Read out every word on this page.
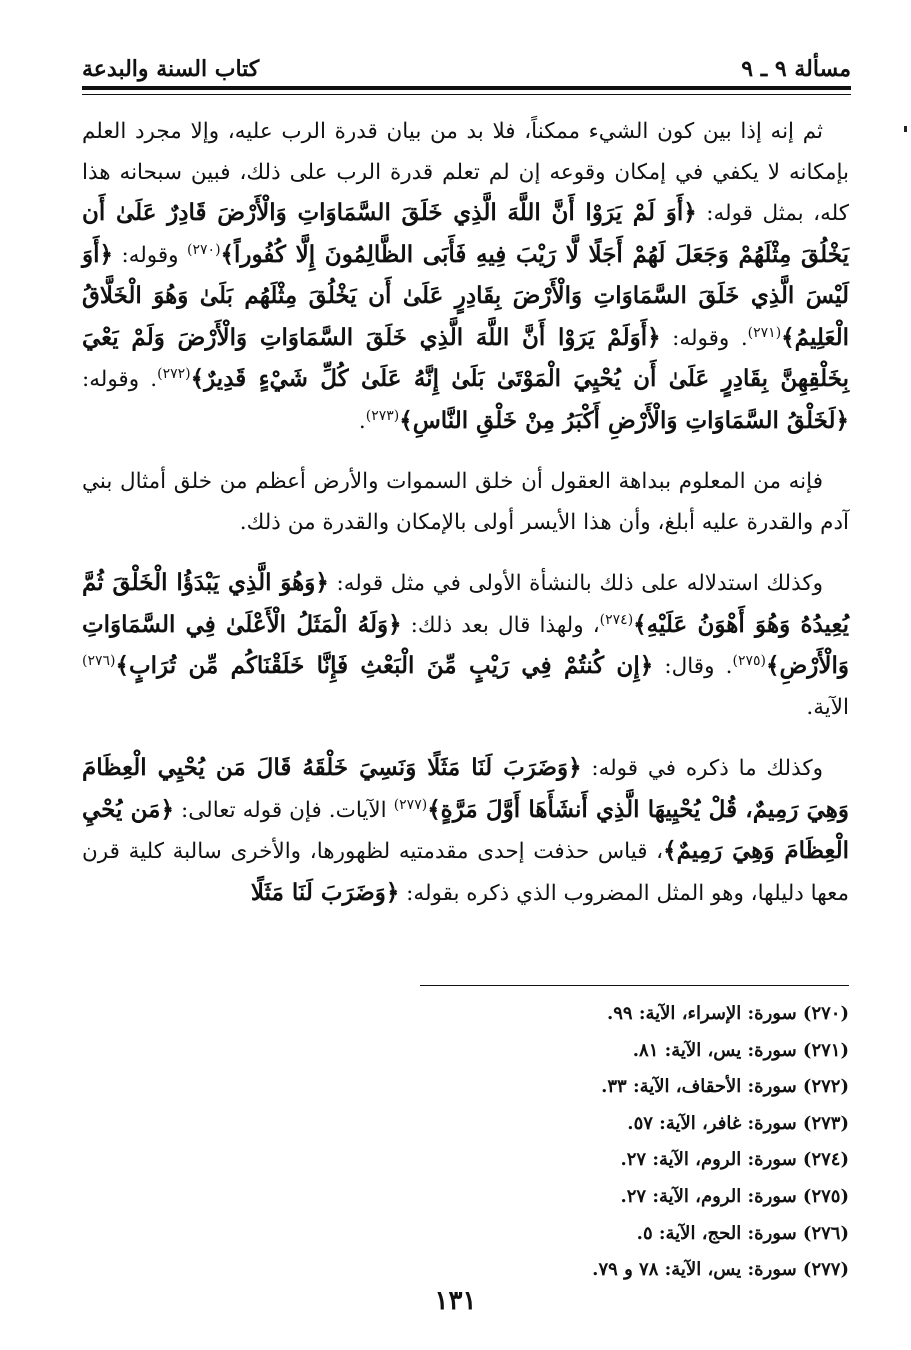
مسألة ٩ ـ ٩
كتاب السنة والبدعة

ثم إنه إذا بين كون الشيء ممكناً، فلا بد من بيان قدرة الرب عليه، وإلا مجرد العلم بإمكانه لا يكفي في إمكان وقوعه إن لم تعلم قدرة الرب على ذلك، فبين سبحانه هذا كله، بمثل قوله: ﴿أَوَ لَمْ يَرَوْا أَنَّ اللَّهَ الَّذِي خَلَقَ السَّمَاوَاتِ وَالْأَرْضَ قَادِرٌ عَلَىٰ أَن يَخْلُقَ مِثْلَهُمْ وَجَعَلَ لَهُمْ أَجَلًا لَّا رَيْبَ فِيهِ فَأَبَى الظَّالِمُونَ إِلَّا كُفُوراً﴾$^{(٢٧٠)}$ وقوله: ﴿أَوَ لَيْسَ الَّذِي خَلَقَ السَّمَاوَاتِ وَالْأَرْضَ بِقَادِرٍ عَلَىٰ أَن يَخْلُقَ مِثْلَهُم بَلَىٰ وَهُوَ الْخَلَّاقُ الْعَلِيمُ﴾$^{(٢٧١)}$. وقوله: ﴿أَوَلَمْ يَرَوْا أَنَّ اللَّهَ الَّذِي خَلَقَ السَّمَاوَاتِ وَالْأَرْضَ وَلَمْ يَعْيَ بِخَلْقِهِنَّ بِقَادِرٍ عَلَىٰ أَن يُحْيِيَ الْمَوْتَىٰ بَلَىٰ إِنَّهُ عَلَىٰ كُلِّ شَيْءٍ قَدِيرٌ﴾$^{(٢٧٢)}$. وقوله: ﴿لَخَلْقُ السَّمَاوَاتِ وَالْأَرْضِ أَكْبَرُ مِنْ خَلْقِ النَّاسِ﴾$^{(٢٧٣)}$.

فإنه من المعلوم ببداهة العقول أن خلق السموات والأرض أعظم من خلق أمثال بني آدم والقدرة عليه أبلغ، وأن هذا الأيسر أولى بالإمكان والقدرة من ذلك.

وكذلك استدلاله على ذلك بالنشأة الأولى في مثل قوله: ﴿وَهُوَ الَّذِي يَبْدَؤُا الْخَلْقَ ثُمَّ يُعِيدُهُ وَهُوَ أَهْوَنُ عَلَيْهِ﴾$^{(٢٧٤)}$، ولهذا قال بعد ذلك: ﴿وَلَهُ الْمَثَلُ الْأَعْلَىٰ فِي السَّمَاوَاتِ وَالْأَرْضِ﴾$^{(٢٧٥)}$. وقال: ﴿إِن كُنتُمْ فِي رَيْبٍ مِّنَ الْبَعْثِ فَإِنَّا خَلَقْنَاكُم مِّن تُرَابٍ﴾$^{(٢٧٦)}$ الآية.

وكذلك ما ذكره في قوله: ﴿وَضَرَبَ لَنَا مَثَلًا وَنَسِيَ خَلْقَهُ قَالَ مَن يُحْيِي الْعِظَامَ وَهِيَ رَمِيمٌ، قُلْ يُحْيِيهَا الَّذِي أَنشَأَهَا أَوَّلَ مَرَّةٍ﴾$^{(٢٧٧)}$ الآيات. فإن قوله تعالى: ﴿مَن يُحْيِ الْعِظَامَ وَهِيَ رَمِيمٌ﴾، قياس حذفت إحدى مقدمتيه لظهورها، والأخرى سالبة كلية قرن معها دليلها، وهو المثل المضروب الذي ذكره بقوله: ﴿وَضَرَبَ لَنَا مَثَلًا

(٢٧٠) سورة: الإسراء، الآية: ٩٩.
(٢٧١) سورة: يس، الآية: ٨١.
(٢٧٢) سورة: الأحقاف، الآية: ٣٣.
(٢٧٣) سورة: غافر، الآية: ٥٧.
(٢٧٤) سورة: الروم، الآية: ٢٧.
(٢٧٥) سورة: الروم، الآية: ٢٧.
(٢٧٦) سورة: الحج، الآية: ٥.
(٢٧٧) سورة: يس، الآية: ٧٨ و ٧٩.
١٣١
